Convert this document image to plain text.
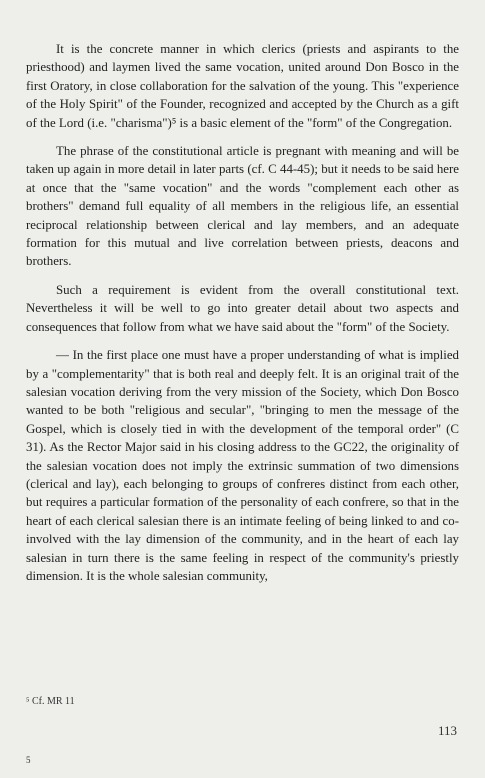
It is the concrete manner in which clerics (priests and aspirants to the priesthood) and laymen lived the same vocation, united around Don Bosco in the first Oratory, in close collaboration for the salvation of the young. This "experience of the Holy Spirit" of the Founder, recognized and accepted by the Church as a gift of the Lord (i.e. "charisma")⁵ is a basic element of the "form" of the Congregation.

The phrase of the constitutional article is pregnant with meaning and will be taken up again in more detail in later parts (cf. C 44-45); but it needs to be said here at once that the "same vocation" and the words "complement each other as brothers" demand full equality of all members in the religious life, an essential reciprocal relationship between clerical and lay members, and an adequate formation for this mutual and live correlation between priests, deacons and brothers.

Such a requirement is evident from the overall constitutional text. Nevertheless it will be well to go into greater detail about two aspects and consequences that follow from what we have said about the "form" of the Society.

— In the first place one must have a proper understanding of what is implied by a "complementarity" that is both real and deeply felt. It is an original trait of the salesian vocation deriving from the very mission of the Society, which Don Bosco wanted to be both "religious and secular", "bringing to men the message of the Gospel, which is closely tied in with the development of the temporal order" (C 31). As the Rector Major said in his closing address to the GC22, the originality of the salesian vocation does not imply the extrinsic summation of two dimensions (clerical and lay), each belonging to groups of confreres distinct from each other, but requires a particular formation of the personality of each confrere, so that in the heart of each clerical salesian there is an intimate feeling of being linked to and co-involved with the lay dimension of the community, and in the heart of each lay salesian in turn there is the same feeling in respect of the community's priestly dimension. It is the whole salesian community,

⁵ Cf. MR 11
113
5
